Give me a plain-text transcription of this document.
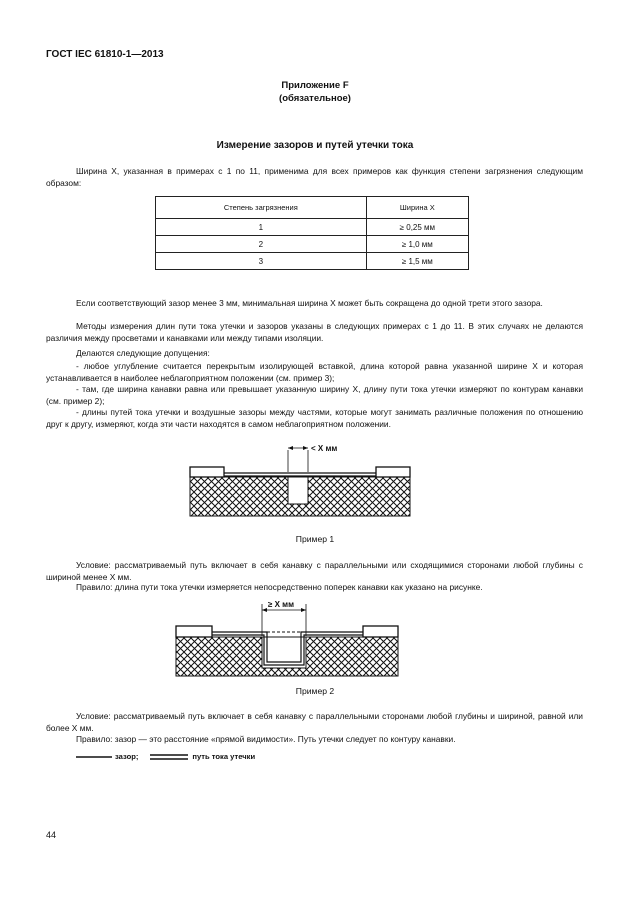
ГОСТ IEC 61810-1—2013
Приложение F
(обязательное)
Измерение зазоров и путей утечки тока
Ширина X, указанная в примерах с 1 по 11, применима для всех примеров как функция степени загрязнения следующим образом:
Степень загрязнения	Ширина X
1	≥ 0,25 мм
2	≥ 1,0 мм
3	≥ 1,5 мм
Если соответствующий зазор менее 3 мм, минимальная ширина X может быть сокращена до одной трети этого зазора.
Методы измерения длин пути тока утечки и зазоров указаны в следующих примерах с 1 до 11. В этих случаях не делаются различия между просветами и канавками или между типами изоляции.
Делаются следующие допущения:
- любое углубление считается перекрытым изолирующей вставкой, длина которой равна указанной ширине X и которая устанавливается в наиболее неблагоприятном положении (см. пример 3);
- там, где ширина канавки равна или превышает указанную ширину X, длину пути тока утечки измеряют по контурам канавки (см. пример 2);
- длины путей тока утечки и воздушные зазоры между частями, которые могут занимать различные положения по отношению друг к другу, измеряют, когда эти части находятся в самом неблагоприятном положении.
< X мм
Пример 1
Условие: рассматриваемый путь включает в себя канавку с параллельными или сходящимися сторонами любой глубины с шириной менее X мм.
Правило: длина пути тока утечки измеряется непосредственно поперек канавки как указано на рисунке.
≥ X мм
Пример 2
Условие: рассматриваемый путь включает в себя канавку с параллельными сторонами любой глубины и шириной, равной или более X мм.
Правило: зазор — это расстояние «прямой видимости». Путь утечки следует по контуру канавки.
зазор;	путь тока утечки
44
